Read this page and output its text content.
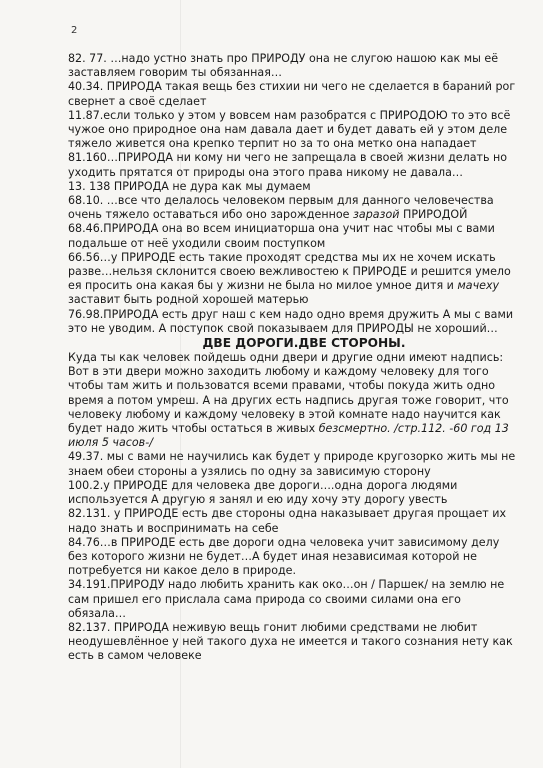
2

82. 77. …надо устно знать про ПРИРОДУ она не слугою нашою как мы её заставляем говорим ты обязанная…

40.34. ПРИРОДА такая вещь без стихии ни чего не сделается в бараний рог свернет а своё сделает

11.87.если только у этом у вовсем нам разобратся с ПРИРОДОЮ то это всё чужое оно природное она нам давала дает и будет давать ей у этом деле тяжело живется она крепко терпит но за то она метко она нападает

81.160…ПРИРОДА ни кому ни чего не запрещала в своей жизни делать но уходить прятатся от природы она этого права никому не давала…

13. 138 ПРИРОДА не дура как мы думаем

68.10. …все что делалось человеком первым для данного человечества очень тяжело оставаться ибо оно зарожденное заразой ПРИРОДОЙ

68.46.ПРИРОДА она во всем инициаторша она учит нас чтобы мы с вами подальше от неё уходили своим поступком

66.56…у ПРИРОДЕ есть такие проходят средства мы их не хочем искать разве…нельзя склонится своею вежливостею к ПРИРОДЕ и решится умело ея просить она какая бы у жизни не была но милое умное дитя и мачеху заставит быть родной хорошей матерью

76.98.ПРИРОДА есть друг наш с кем надо одно время дружить А мы с вами это не уводим. А поступок свой показываем для ПРИРОДЫ не хороший…

ДВЕ ДОРОГИ.ДВЕ СТОРОНЫ.

Куда ты как человек пойдешь одни двери и другие одни имеют надпись: Вот в эти двери можно заходить любому и каждому человеку для того чтобы там жить и пользоватся всеми правами, чтобы покуда жить одно время а потом умреш. А на других есть надпись другая тоже говорит, что человеку любому и каждому человеку в этой комнате надо научится как будет надо жить чтобы остаться в живых безсмертно. /стр.112. -60 год 13 июля 5 часов-/

49.37. мы с вами не научились как будет у природе кругозорко жить мы не знаем обеи стороны а узялись по одну за зависимую сторону

100.2.у ПРИРОДЕ для человека две дороги….одна дорога людями используется А другую я занял и ею иду хочу эту дорогу увесть

82.131. у ПРИРОДЕ есть две стороны одна наказывает другая прощает их надо знать и воспринимать на себе

84.76…в ПРИРОДЕ есть две дороги одна человека учит зависимому делу без которого жизни не будет…А будет иная независимая которой не потребуется ни какое дело в природе.

34.191.ПРИРОДУ надо любить хранить как око…он / Паршек/ на землю не сам пришел его прислала сама природа со своими силами она его обязала…

82.137. ПРИРОДА неживую вещь гонит любими средствами не любит неодушевлённое у ней такого духа не имеется и такого сознания нету как есть в самом человеке
